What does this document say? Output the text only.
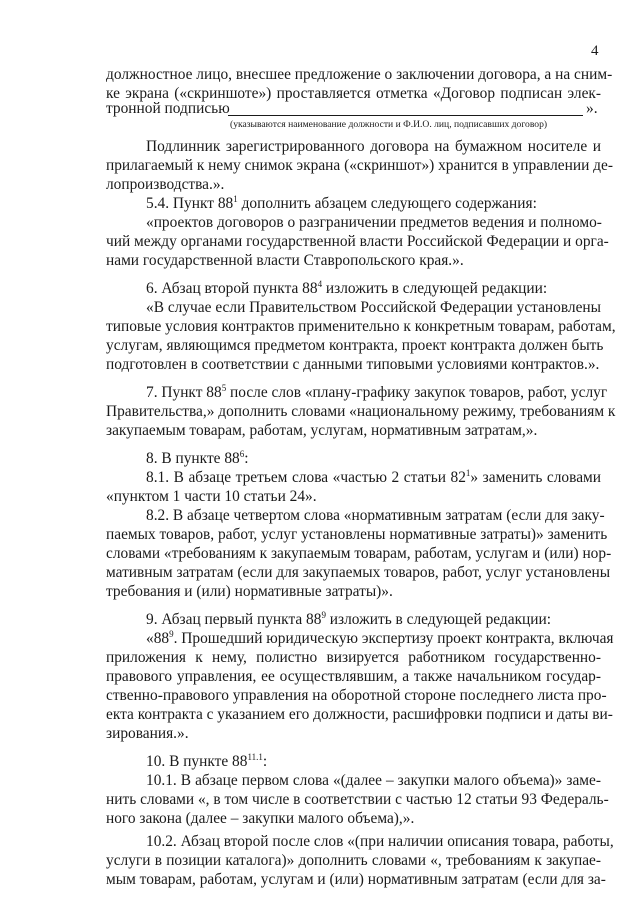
4
должностное лицо, внесшее предложение о заключении договора, а на сним-
ке экрана («скриншоте») проставляется отметка «Договор подписан элек-
тронной подписью	».
(указываются наименование должности и Ф.И.О. лиц, подписавших договор)
Подлинник зарегистрированного договора на бумажном носителе и
прилагаемый к нему снимок экрана («скриншот») хранится в управлении де-
лопроизводства.».
5.4. Пункт $88^1$ дополнить абзацем следующего содержания:
«проектов договоров о разграничении предметов ведения и полномо-
чий между органами государственной власти Российской Федерации и орга-
нами государственной власти Ставропольского края.».
6. Абзац второй пункта $88^4$ изложить в следующей редакции:
«В случае если Правительством Российской Федерации установлены
типовые условия контрактов применительно к конкретным товарам, работам,
услугам, являющимся предметом контракта, проект контракта должен быть
подготовлен в соответствии с данными типовыми условиями контрактов.».
7. Пункт $88^5$ после слов «плану-графику закупок товаров, работ, услуг
Правительства,» дополнить словами «национальному режиму, требованиям к
закупаемым товарам, работам, услугам, нормативным затратам,».
8. В пункте $88^6$:
8.1. В абзаце третьем слова «частью 2 статьи $82^1$» заменить словами
«пунктом 1 части 10 статьи 24».
8.2. В абзаце четвертом слова «нормативным затратам (если для заку-
паемых товаров, работ, услуг установлены нормативные затраты)» заменить
словами «требованиям к закупаемым товарам, работам, услугам и (или) нор-
мативным затратам (если для закупаемых товаров, работ, услуг установлены
требования и (или) нормативные затраты)».
9. Абзац первый пункта $88^9$ изложить в следующей редакции:
«$88^9$. Прошедший юридическую экспертизу проект контракта, включая
приложения к нему, полистно визируется работником государственно-
правового управления, ее осуществлявшим, а также начальником государ-
ственно-правового управления на оборотной стороне последнего листа про-
екта контракта с указанием его должности, расшифровки подписи и даты ви-
зирования.».
10. В пункте $88^{11.1}$:
10.1. В абзаце первом слова «(далее – закупки малого объема)» заме-
нить словами «, в том числе в соответствии с частью 12 статьи 93 Федераль-
ного закона (далее – закупки малого объема),».
10.2. Абзац второй после слов «(при наличии описания товара, работы,
услуги в позиции каталога)» дополнить словами «, требованиям к закупае-
мым товарам, работам, услугам и (или) нормативным затратам (если для за-
